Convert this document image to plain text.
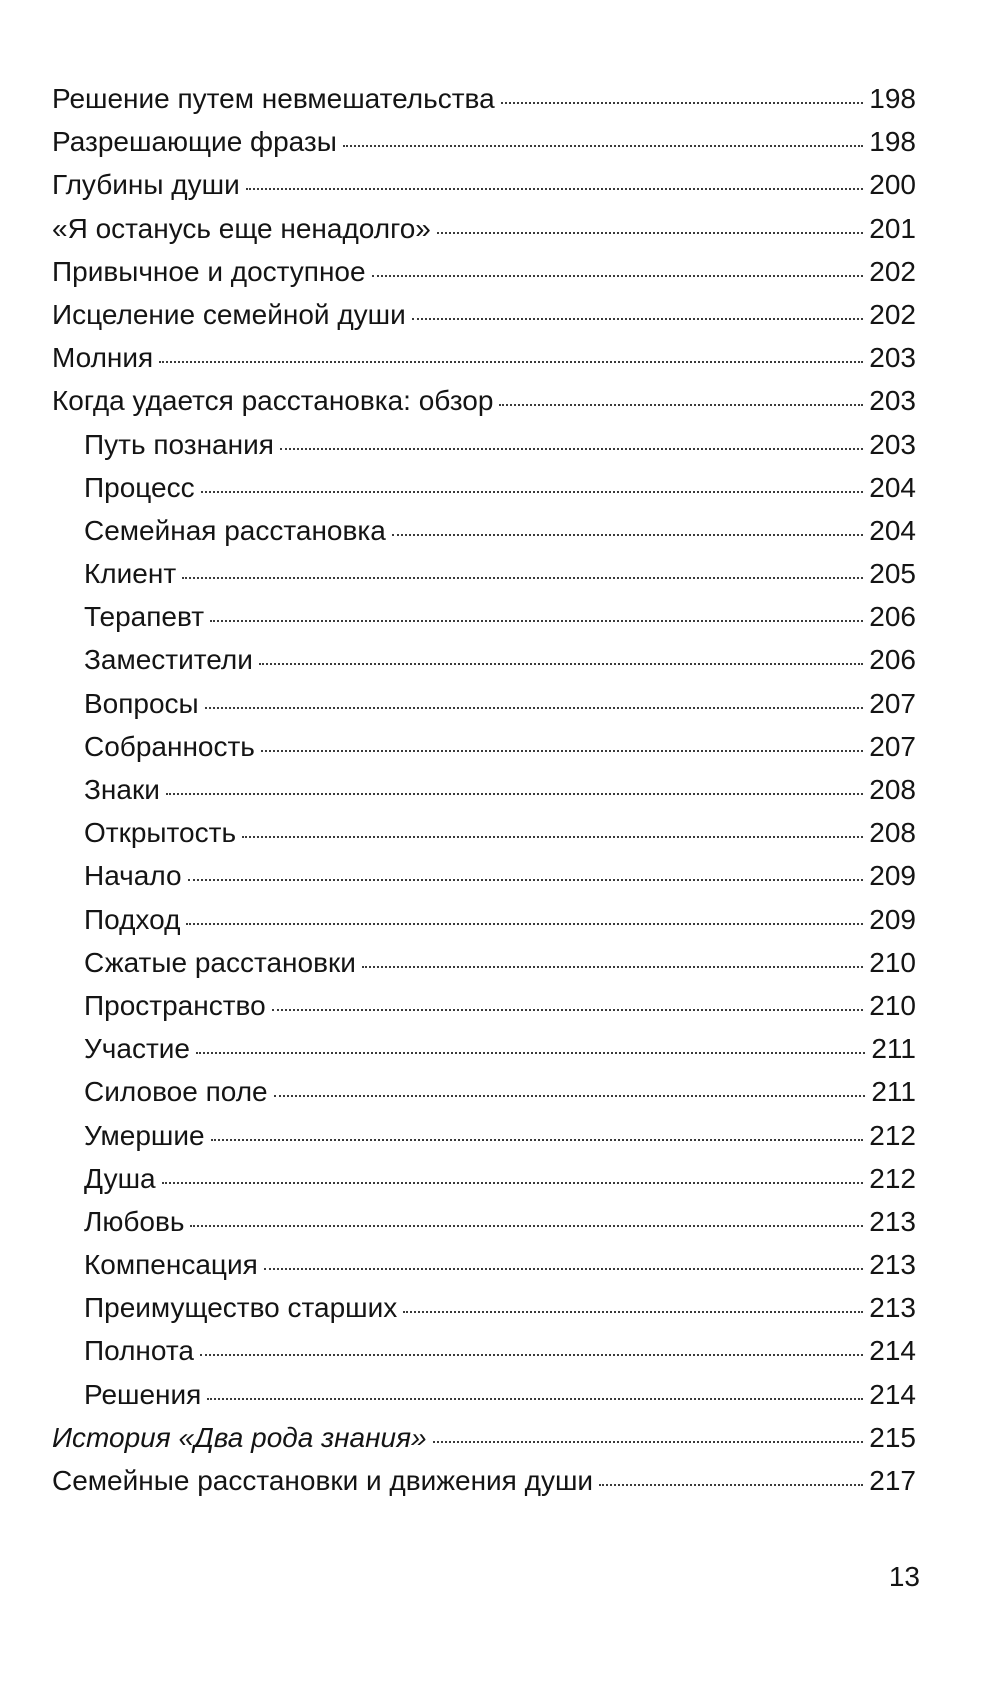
Решение путем невмешательства	198
Разрешающие фразы	198
Глубины души	200
«Я останусь еще ненадолго»	201
Привычное и доступное	202
Исцеление семейной души	202
Молния	203
Когда удается расстановка: обзор	203
Путь познания	203
Процесс	204
Семейная расстановка	204
Клиент	205
Терапевт	206
Заместители	206
Вопросы	207
Собранность	207
Знаки	208
Открытость	208
Начало	209
Подход	209
Сжатые расстановки	210
Пространство	210
Участие	211
Силовое поле	211
Умершие	212
Душа	212
Любовь	213
Компенсация	213
Преимущество старших	213
Полнота	214
Решения	214
История «Два рода знания»	215
Семейные расстановки и движения души	217
13
